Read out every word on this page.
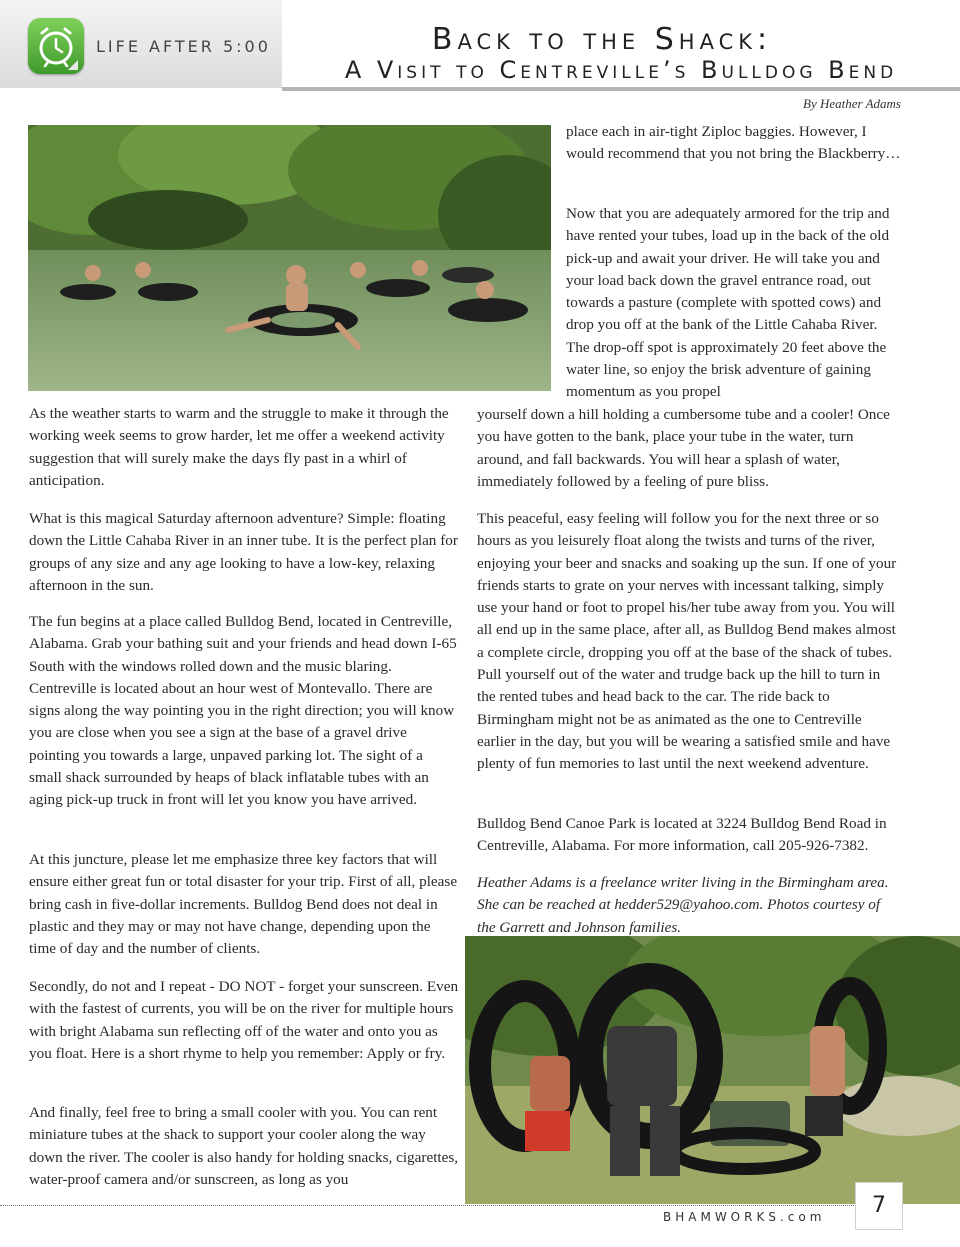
LIFE AFTER 5:00	Back to the Shack:
A Visit to Centreville’s Bulldog Bend
By Heather Adams

As the weather starts to warm and the struggle to make it through the working week seems to grow harder, let me offer a weekend activity suggestion that will surely make the days fly past in a whirl of anticipation.

What is this magical Saturday afternoon adventure? Simple: floating down the Little Cahaba River in an inner tube. It is the perfect plan for groups of any size and any age looking to have a low-key, relaxing afternoon in the sun.

The fun begins at a place called Bulldog Bend, located in Centreville, Alabama. Grab your bathing suit and your friends and head down I-65 South with the windows rolled down and the music blaring. Centreville is located about an hour west of Montevallo. There are signs along the way pointing you in the right direction; you will know you are close when you see a sign at the base of a gravel drive pointing you towards a large, unpaved parking lot. The sight of a small shack surrounded by heaps of black inflatable tubes with an aging pick-up truck in front will let you know you have arrived.

At this juncture, please let me emphasize three key factors that will ensure either great fun or total disaster for your trip. First of all, please bring cash in five-dollar increments. Bulldog Bend does not deal in plastic and they may or may not have change, depending upon the time of day and the number of clients.

Secondly, do not and I repeat - DO NOT - forget your sunscreen. Even with the fastest of currents, you will be on the river for multiple hours with bright Alabama sun reflecting off of the water and onto you as you float. Here is a short rhyme to help you remember: Apply or fry.

And finally, feel free to bring a small cooler with you. You can rent miniature tubes at the shack to support your cooler along the way down the river. The cooler is also handy for holding snacks, cigarettes, water-proof camera and/or sunscreen, as long as you

place each in air-tight Ziploc baggies. However, I would recommend that you not bring the Blackberry…

Now that you are adequately armored for the trip and have rented your tubes, load up in the back of the old pick-up and await your driver. He will take you and your load back down the gravel entrance road, out towards a pasture (complete with spotted cows) and drop you off at the bank of the Little Cahaba River. The drop-off spot is approximately 20 feet above the water line, so enjoy the brisk adventure of gaining momentum as you propel

yourself down a hill holding a cumbersome tube and a cooler! Once you have gotten to the bank, place your tube in the water, turn around, and fall backwards. You will hear a splash of water, immediately followed by a feeling of pure bliss.

This peaceful, easy feeling will follow you for the next three or so hours as you leisurely float along the twists and turns of the river, enjoying your beer and snacks and soaking up the sun. If one of your friends starts to grate on your nerves with incessant talking, simply use your hand or foot to propel his/her tube away from you. You will all end up in the same place, after all, as Bulldog Bend makes almost a complete circle, dropping you off at the base of the shack of tubes. Pull yourself out of the water and trudge back up the hill to turn in the rented tubes and head back to the car. The ride back to Birmingham might not be as animated as the one to Centreville earlier in the day, but you will be wearing a satisfied smile and have plenty of fun memories to last until the next weekend adventure.

Bulldog Bend Canoe Park is located at 3224 Bulldog Bend Road in Centreville, Alabama. For more information, call 205-926-7382.

Heather Adams is a freelance writer living in the Birmingham area. She can be reached at hedder529@yahoo.com. Photos courtesy of the Garrett and Johnson families.

BHAMWORKS.com	7
